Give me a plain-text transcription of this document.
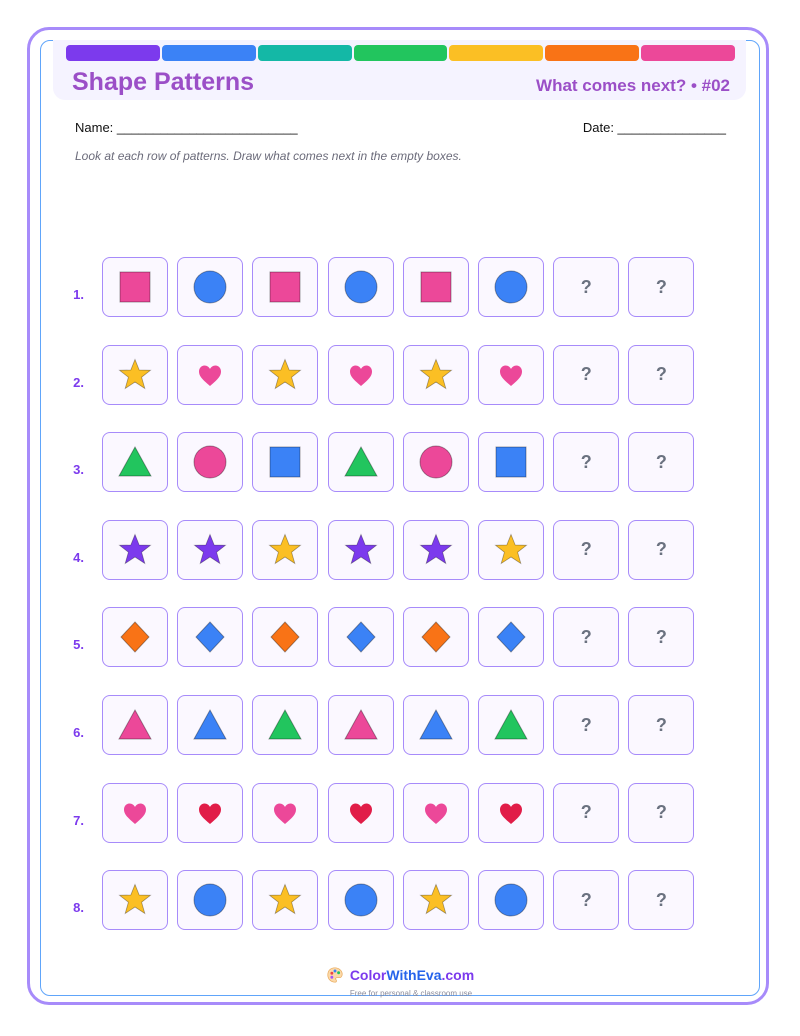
Shape Patterns	What comes next? • #02
Name: _________________________	Date: _______________
Look at each row of patterns. Draw what comes next in the empty boxes.
1.	?	?
2.	?	?
3.	?	?
4.	?	?
5.	?	?
6.	?	?
7.	?	?
8.	?	?
ColorWithEva.com
Free for personal & classroom use
